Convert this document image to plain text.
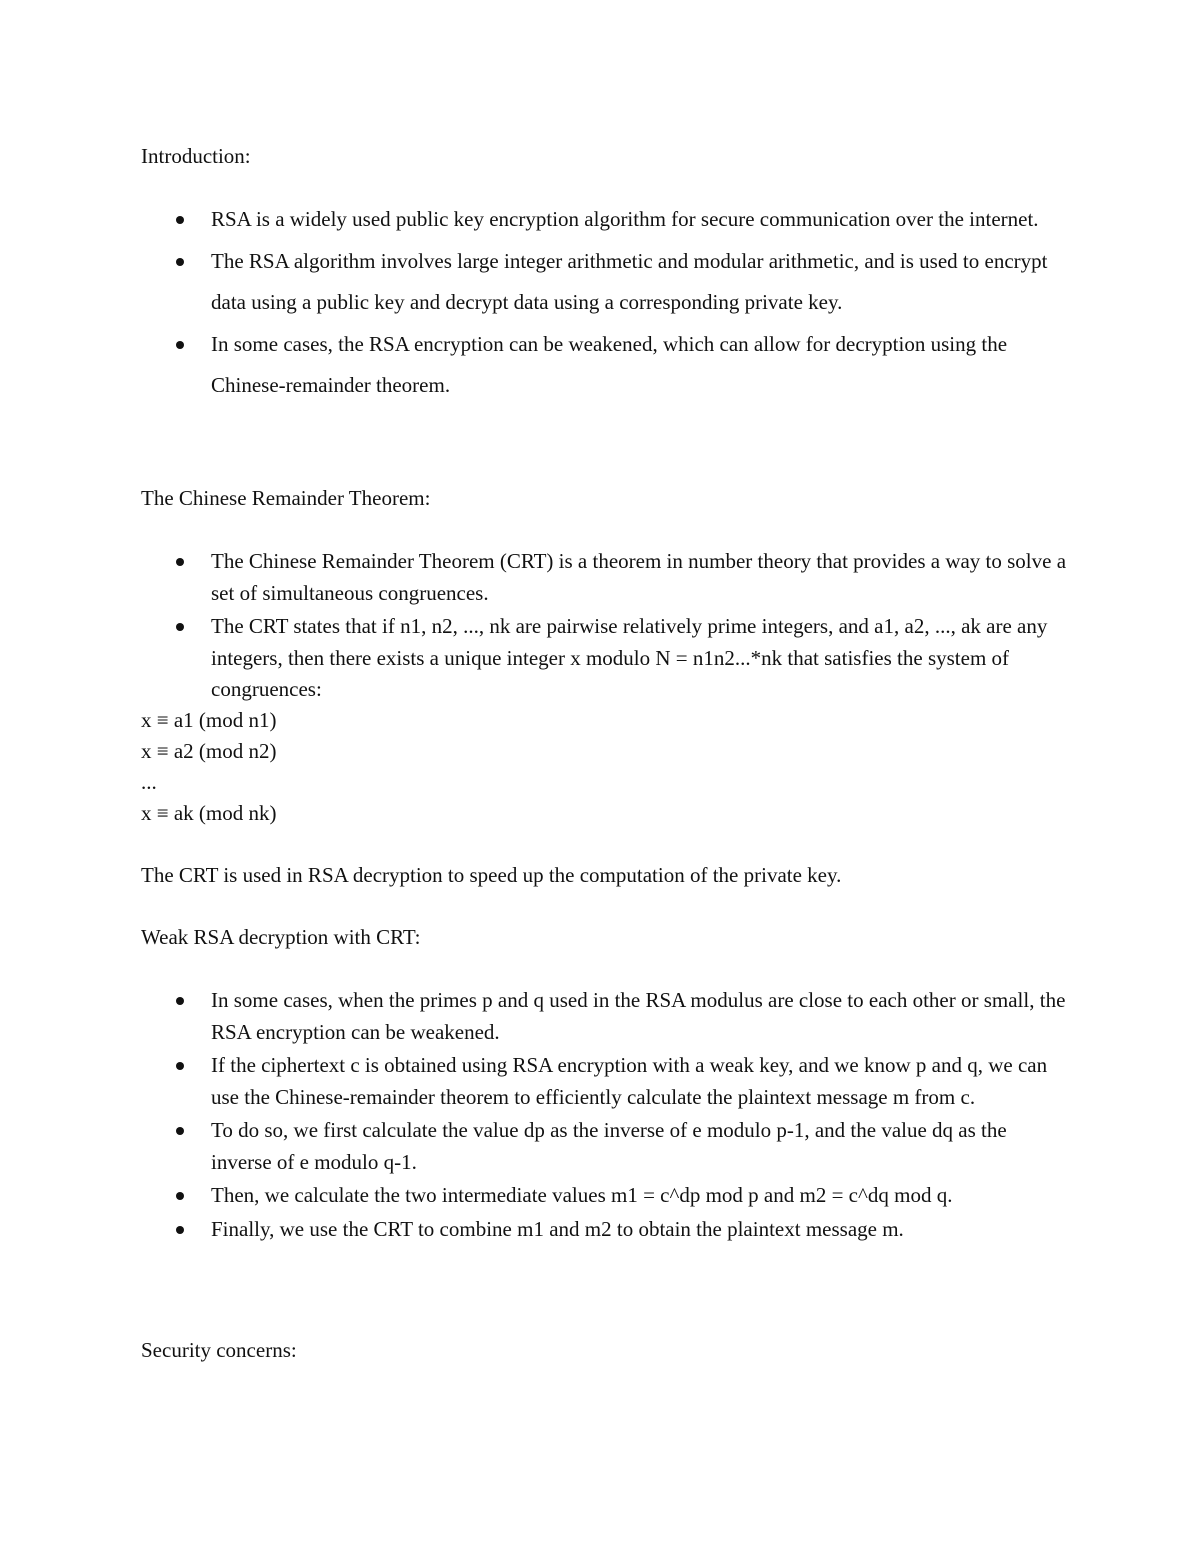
Introduction:
RSA is a widely used public key encryption algorithm for secure communication over the internet.
The RSA algorithm involves large integer arithmetic and modular arithmetic, and is used to encrypt data using a public key and decrypt data using a corresponding private key.
In some cases, the RSA encryption can be weakened, which can allow for decryption using the Chinese-remainder theorem.
The Chinese Remainder Theorem:
The Chinese Remainder Theorem (CRT) is a theorem in number theory that provides a way to solve a set of simultaneous congruences.
The CRT states that if n1, n2, ..., nk are pairwise relatively prime integers, and a1, a2, ..., ak are any integers, then there exists a unique integer x modulo N = n1n2...*nk that satisfies the system of congruences:
x ≡ a1 (mod n1)
x ≡ a2 (mod n2)
...
x ≡ ak (mod nk)

The CRT is used in RSA decryption to speed up the computation of the private key.

Weak RSA decryption with CRT:
In some cases, when the primes p and q used in the RSA modulus are close to each other or small, the RSA encryption can be weakened.
If the ciphertext c is obtained using RSA encryption with a weak key, and we know p and q, we can use the Chinese-remainder theorem to efficiently calculate the plaintext message m from c.
To do so, we first calculate the value dp as the inverse of e modulo p-1, and the value dq as the inverse of e modulo q-1.
Then, we calculate the two intermediate values m1 = c^dp mod p and m2 = c^dq mod q.
Finally, we use the CRT to combine m1 and m2 to obtain the plaintext message m.
Security concerns:
